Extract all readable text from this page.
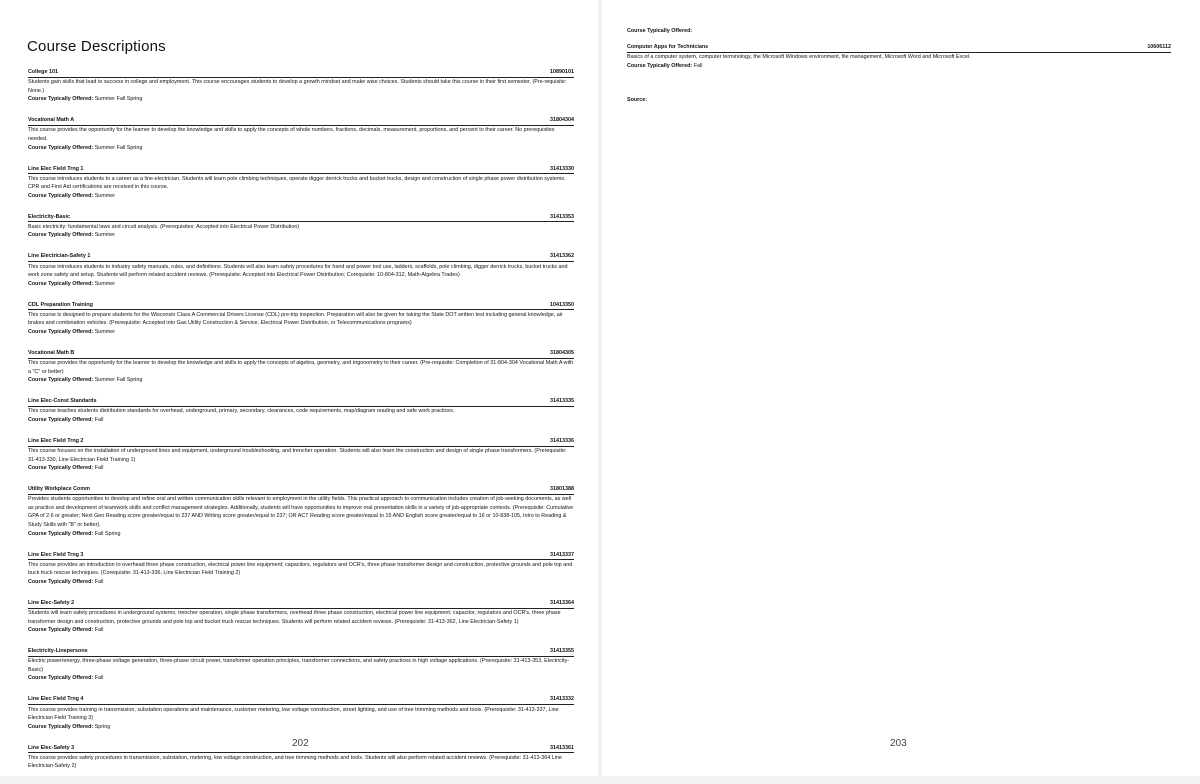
Course Descriptions
College 101	10890101
Students gain skills that lead to success in college and employment. This course encourages students to develop a growth mindset and make wise choices. Students should take this course in their first semester. (Pre-requisite: None.)
Course Typically Offered: Summer Fall Spring
Vocational Math A	31804304
This course provides the opportunity for the learner to develop the knowledge and skills to apply the concepts of whole numbers, fractions, decimals, measurement, proportions, and percent to their career. No prerequisites needed.
Course Typically Offered: Summer Fall Spring
Line Elec Field Trng 1	31413330
This course introduces students to a career as a line-electrician. Students will learn pole climbing techniques, operate digger derrick trucks and bucket trucks, design and construction of single phase power distribution systems. CPR and First Aid certifications are received in this course.
Course Typically Offered: Summer
Electricity-Basic	31413353
Basic electricity: fundamental laws and circuit analysis. (Prerequisites: Accepted into Electrical Power Distribution)
Course Typically Offered: Summer
Line Electrician-Safety 1	31413362
This course introduces students to industry safety manuals, rules, and definitions. Students will also learn safety procedures for hand and power tool use, ladders, scaffolds, pole climbing, digger derrick trucks, bucket trucks and work zone safety and setup. Students will perform related accident reviews. (Prerequisite: Accepted into Electrical Power Distribution; Corequisite: 10-804-312, Math-Algebra Trades)
Course Typically Offered: Summer
CDL Preparation Training	10413350
This course is designed to prepare students for the Wisconsin Class A Commercial Drivers License (CDL) pre-trip inspection. Preparation will also be given for taking the State DOT written test including general knowledge, air brakes and combination vehicles. (Prerequisite: Accepted into Gas Utility Construction & Service, Electrical Power Distribution, or Telecommunications programs)
Course Typically Offered: Summer
Vocational Math B	31804305
This course provides the opportunity for the learner to develop the knowledge and skills to apply the concepts of algebra, geometry, and trigonometry to their career. (Pre-requisite: Completion of 31-804-304 Vocational Math A with a "C" or better)
Course Typically Offered: Summer Fall Spring
Line Elec-Const Standards	31413335
This course teaches students distribution standards for overhead, underground, primary, secondary, clearances, code requirements, map/diagram reading and safe work practices.
Course Typically Offered: Fall
Line Elec Field Trng 2	31413336
This course focuses on the installation of underground lines and equipment, underground troubleshooting, and trencher operation. Students will also learn the construction and design of single phase transformers. (Prerequisite: 31-413-330, Line Electrician Field Training 1)
Course Typically Offered: Fall
Utility Workplace Comm	31801388
Provides students opportunities to develop and refine oral and written communication skills relevant to employment in the utility fields. This practical approach to communication includes creation of job-seeking documents, as well as practice and development of teamwork skills and conflict management strategies. Additionally, students will have opportunities to improve oral presentation skills in a variety of job-appropriate contexts. (Prerequisite: Cumulative GPA of 2.6 or greater; Next Gen Reading score greater/equal to 237 AND Writing score greater/equal to 237; OR ACT Reading score greater/equal to 15 AND English score greater/equal to 16 or 10-838-105, Intro to Reading & Study Skills with "B" or better).
Course Typically Offered: Fall Spring
Line Elec Field Trng 3	31413337
This course provides an introduction to overhead three phase construction, electrical power line equipment; capacitors, regulators and OCR's, three phase transformer design and construction, protective grounds and pole top and buck truck rescue techniques. (Corequisite: 31-413-336, Line Electrician Field Training 2)
Course Typically Offered: Fall
Line Elec-Safety 2	31413364
Students will learn safety procedures in underground systems, trencher operation, single phase transformers, overhead three phase construction, electrical power line equipment; capacitor, regulators and OCR's, three phase transformer design and construction, protective grounds and pole top and bucket truck rescue techniques. Students will perform related accident reviews. (Prerequisite: 31-413-362, Line Electrician-Safety 1)
Course Typically Offered: Fall
Electricity-Linepersons	31413355
Electric power/energy, three-phase voltage generation, three-phase circuit power, transformer operation principles, transformer connections, and safety practices in high voltage applications. (Prerequisite: 31-413-353, Electricity-Basic)
Course Typically Offered: Fall
Line Elec Field Trng 4	31413332
This course provides training in transmission, substation operations and maintenance, customer metering, low voltage construction, street lighting, and use of tree trimming methods and tools. (Prerequisite: 31-413-337, Line Electrician Field Training 3)
Course Typically Offered: Spring
Line Elec-Safety 3	31413361
This course provides safety procedures in transmission, substation, metering, low voltage construction, and tree trimming methods and tools. Students will also perform related accident reviews. (Prerequisite: 31-413-364 Line Electrician-Safety 2)
202
Course Typically Offered:
Computer Apps for Technicians	10606112
Basics of a computer system, computer terminology, the Microsoft Windows environment, file management, Microsoft Word and Microsoft Excel.
Course Typically Offered: Fall
Source:
203
